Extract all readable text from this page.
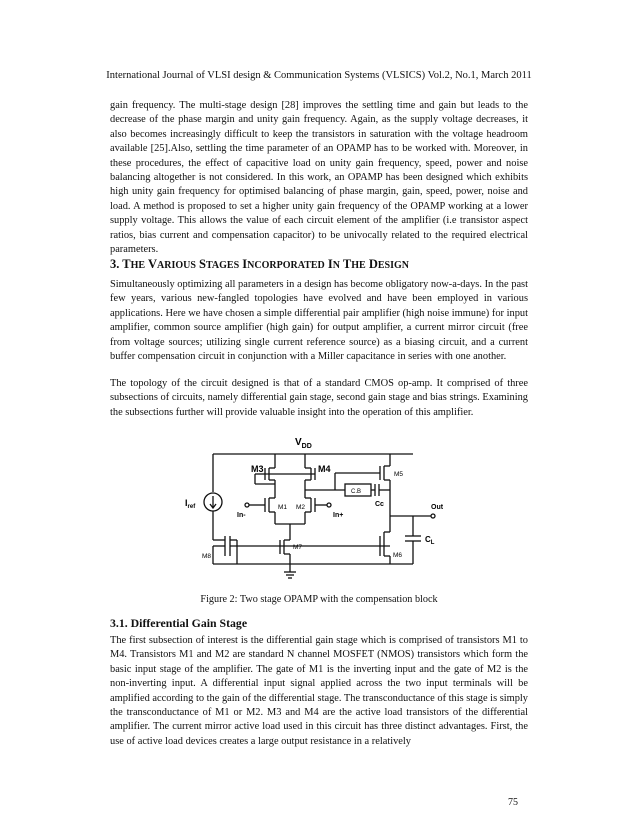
International Journal of VLSI design & Communication Systems (VLSICS) Vol.2, No.1, March 2011

gain frequency. The multi-stage design [28] improves the settling time and gain but leads to the decrease of the phase margin and unity gain frequency. Again, as the supply voltage decreases, it also becomes increasingly difficult to keep the transistors in saturation with the voltage headroom available [25].Also, settling the time parameter of an OPAMP has to be worked with. Moreover, in these procedures, the effect of capacitive load on unity gain frequency, speed, power and noise balancing altogether is not considered. In this work, an OPAMP has been designed which exhibits high unity gain frequency for optimised balancing of phase margin, gain, speed, power, noise and load. A method is proposed to set a higher unity gain frequency of the OPAMP working at a lower supply voltage. This allows the value of each circuit element of the amplifier (i.e transistor aspect ratios, bias current and compensation capacitor) to be univocally related to the required electrical parameters.

3. THE VARIOUS STAGES INCORPORATED IN THE DESIGN

Simultaneously optimizing all parameters in a design has become obligatory now-a-days. In the past few years, various new-fangled topologies have evolved and have been employed in various applications. Here we have chosen a simple differential pair amplifier (high noise immune) for input amplifier, common source amplifier (high gain) for output amplifier, a current mirror circuit (free from voltage sources; utilizing single current reference source) as a biasing circuit, and a current buffer compensation circuit in conjunction with a Miller capacitance in series with one another.

The topology of the circuit designed is that of a standard CMOS op-amp. It comprised of three subsections of circuits, namely differential gain stage, second gain stage and bias strings. Examining the subsections further will provide valuable insight into the operation of this amplifier.

$V_{DD}$
M3	M4
M5
$I_{ref}$	M1 M2
In-	In+
C.B
Cc	Out
$C_L$
M8
M7
M6
Figure 2: Two stage OPAMP with the compensation block
3.1. Differential Gain Stage

The first subsection of interest is the differential gain stage which is comprised of transistors M1 to M4. Transistors M1 and M2 are standard N channel MOSFET (NMOS) transistors which form the basic input stage of the amplifier. The gate of M1 is the inverting input and the gate of M2 is the non-inverting input. A differential input signal applied across the two input terminals will be amplified according to the gain of the differential stage. The transconductance of this stage is simply the transconductance of M1 or M2. M3 and M4 are the active load transistors of the differential amplifier. The current mirror active load used in this circuit has three distinct advantages. First, the use of active load devices creates a large output resistance in a relatively

75
